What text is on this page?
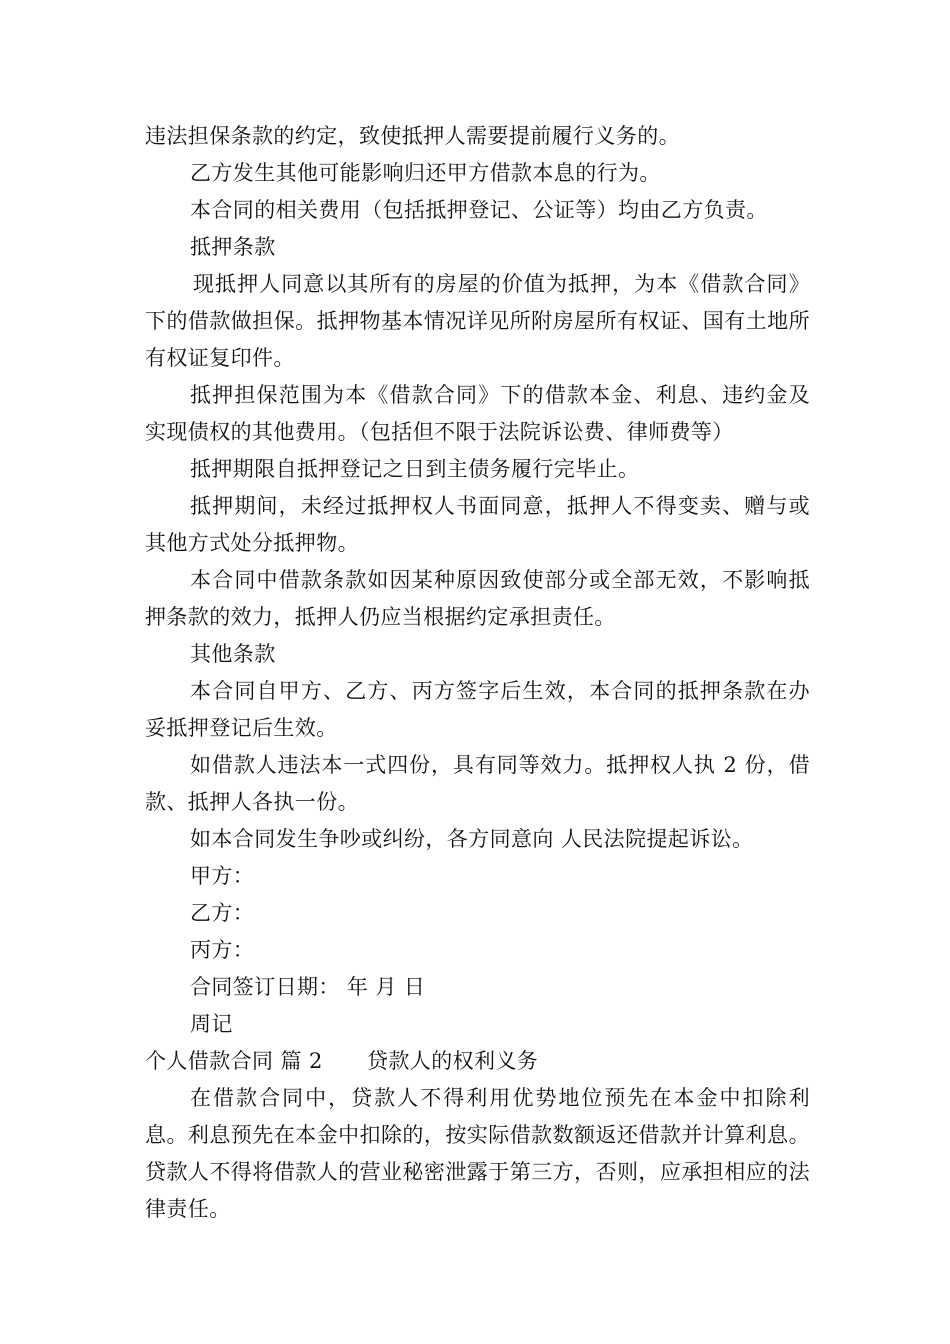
违法担保条款的约定，致使抵押人需要提前履行义务的。

乙方发生其他可能影响归还甲方借款本息的行为。

本合同的相关费用（包括抵押登记、公证等）均由乙方负责。

抵押条款

现抵押人同意以其所有的房屋的价值为抵押，为本《借款合同》下的借款做担保。抵押物基本情况详见所附房屋所有权证、国有土地所有权证复印件。

抵押担保范围为本《借款合同》下的借款本金、利息、违约金及实现债权的其他费用。（包括但不限于法院诉讼费、律师费等）

抵押期限自抵押登记之日到主债务履行完毕止。

抵押期间，未经过抵押权人书面同意，抵押人不得变卖、赠与或其他方式处分抵押物。

本合同中借款条款如因某种原因致使部分或全部无效，不影响抵押条款的效力，抵押人仍应当根据约定承担责任。

其他条款

本合同自甲方、乙方、丙方签字后生效，本合同的抵押条款在办妥抵押登记后生效。

如借款人违法本一式四份，具有同等效力。抵押权人执 2 份，借款、抵押人各执一份。

如本合同发生争吵或纠纷，各方同意向 人民法院提起诉讼。

甲方：

乙方：

丙方：

合同签订日期： 年 月 日

周记

个人借款合同 篇 2	贷款人的权利义务

在借款合同中，贷款人不得利用优势地位预先在本金中扣除利息。利息预先在本金中扣除的，按实际借款数额返还借款并计算利息。贷款人不得将借款人的营业秘密泄露于第三方，否则，应承担相应的法律责任。
